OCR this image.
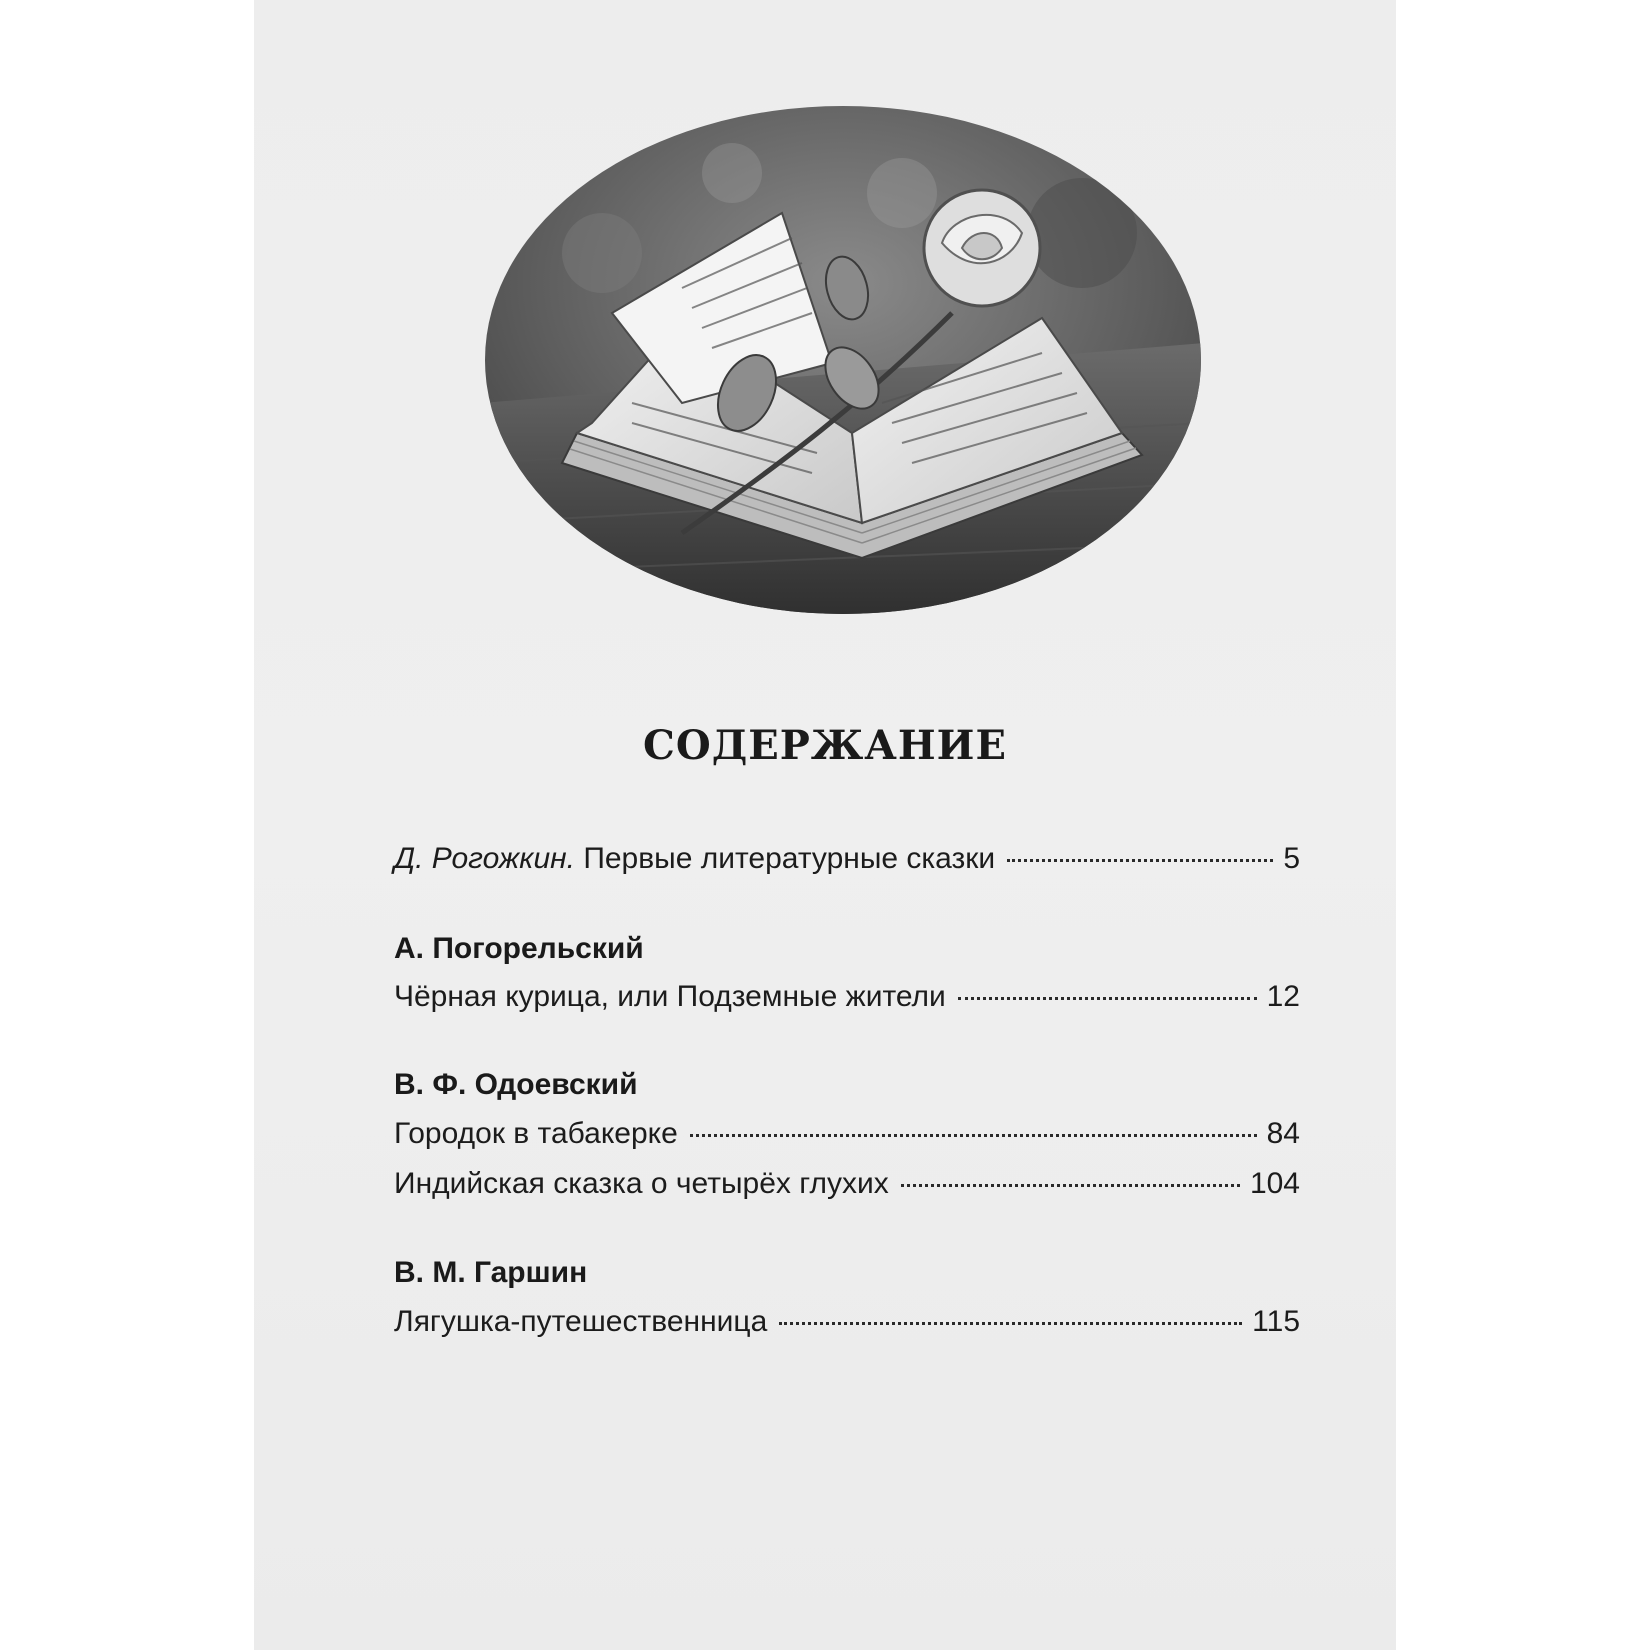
СОДЕРЖАНИЕ
Д. Рогожкин.
Первые литературные сказки	5
А. Погорельский
Чёрная курица, или Подземные жители	12
В. Ф. Одоевский
Городок в табакерке	84
Индийская сказка о четырёх глухих	104
В. М. Гаршин
Лягушка-путешественница	115
